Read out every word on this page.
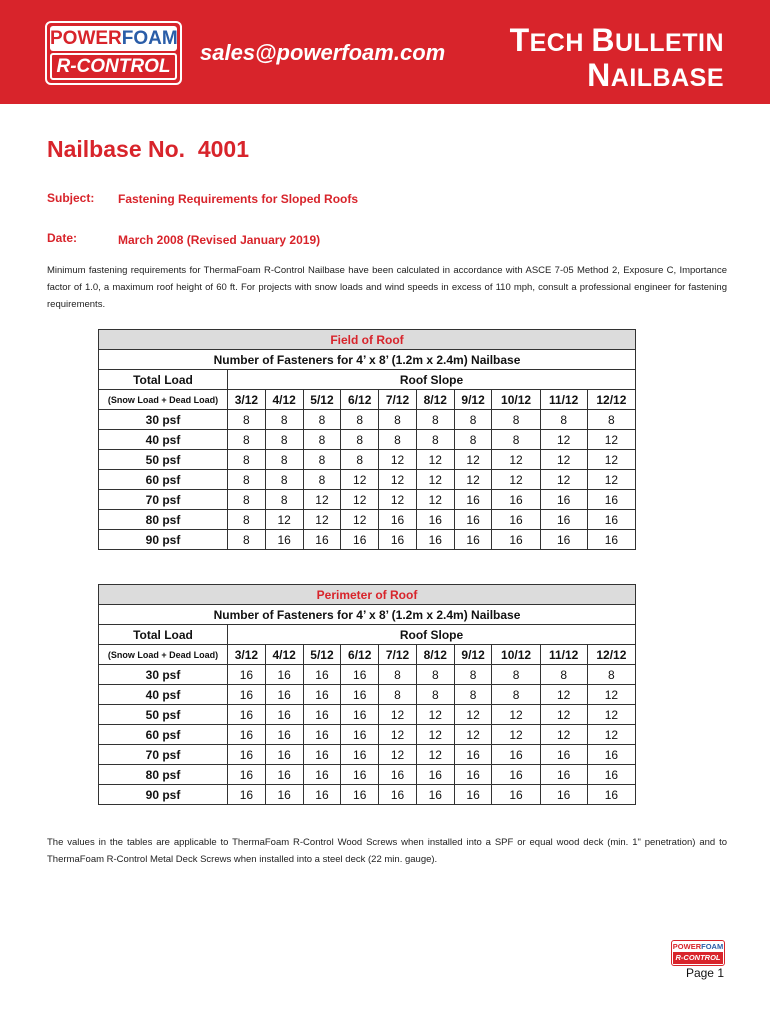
POWERFOAM
R-CONTROL
sales@powerfoam.com TECH BULLETIN
NAILBASE
Nailbase No.  4001
Subject: Fastening Requirements for Sloped Roofs
Date:	March 2008 (Revised January 2019)
Minimum fastening requirements for ThermaFoam R-Control Nailbase have been calculated in accordance with ASCE 7-05 Method 2, Exposure C, Importance factor of 1.0, a maximum roof height of 60 ft. For projects with snow loads and wind speeds in excess of 110 mph, consult a professional engineer for fastening requirements.
Field of Roof										
Number of Fasteners for 4’ x 8’ (1.2m x 2.4m) Nailbase										
Total Load	Roof Slope									
(Snow Load + Dead Load)	3/12	4/12	5/12	6/12	7/12	8/12	9/12	10/12	11/12	12/12
30 psf	8	8	8	8	8	8	8	8	8	8
40 psf	8	8	8	8	8	8	8	8	12	12
50 psf	8	8	8	8	12	12	12	12	12	12
60 psf	8	8	8	12	12	12	12	12	12	12
70 psf	8	8	12	12	12	12	16	16	16	16
80 psf	8	12	12	12	16	16	16	16	16	16
90 psf	8	16	16	16	16	16	16	16	16	16
Perimeter of Roof										
Number of Fasteners for 4’ x 8’ (1.2m x 2.4m) Nailbase										
Total Load	Roof Slope									
(Snow Load + Dead Load)	3/12	4/12	5/12	6/12	7/12	8/12	9/12	10/12	11/12	12/12
30 psf	16	16	16	16	8	8	8	8	8	8
40 psf	16	16	16	16	8	8	8	8	12	12
50 psf	16	16	16	16	12	12	12	12	12	12
60 psf	16	16	16	16	12	12	12	12	12	12
70 psf	16	16	16	16	12	12	16	16	16	16
80 psf	16	16	16	16	16	16	16	16	16	16
90 psf	16	16	16	16	16	16	16	16	16	16
The values in the tables are applicable to ThermaFoam R-Control Wood Screws when installed into a SPF or equal wood deck (min. 1" penetration) and to ThermaFoam R-Control Metal Deck Screws when installed into a steel deck (22 min. gauge).
POWERFOAM
R-CONTROL
Page 1
